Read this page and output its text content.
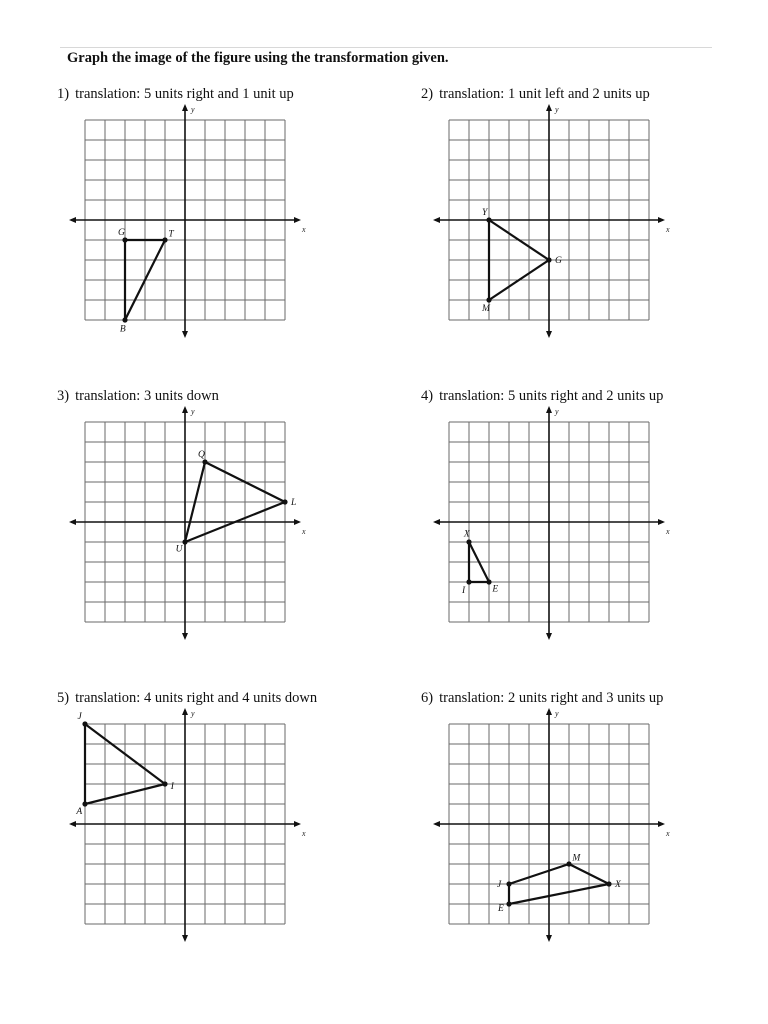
Graph the image of the figure using the transformation given.
1) translation: 5 units right and 1 unit up
x
y
G	T
B
2) translation: 1 unit left and 2 units up
x
y
Y
G
M
3) translation: 3 units down
x
y
Q
L
U
4) translation: 5 units right and 2 units up
x
y
X
E
I
5) translation: 4 units right and 4 units down
x
y
J
I
A
6) translation: 2 units right and 3 units up
x
y
M
X
E
J
